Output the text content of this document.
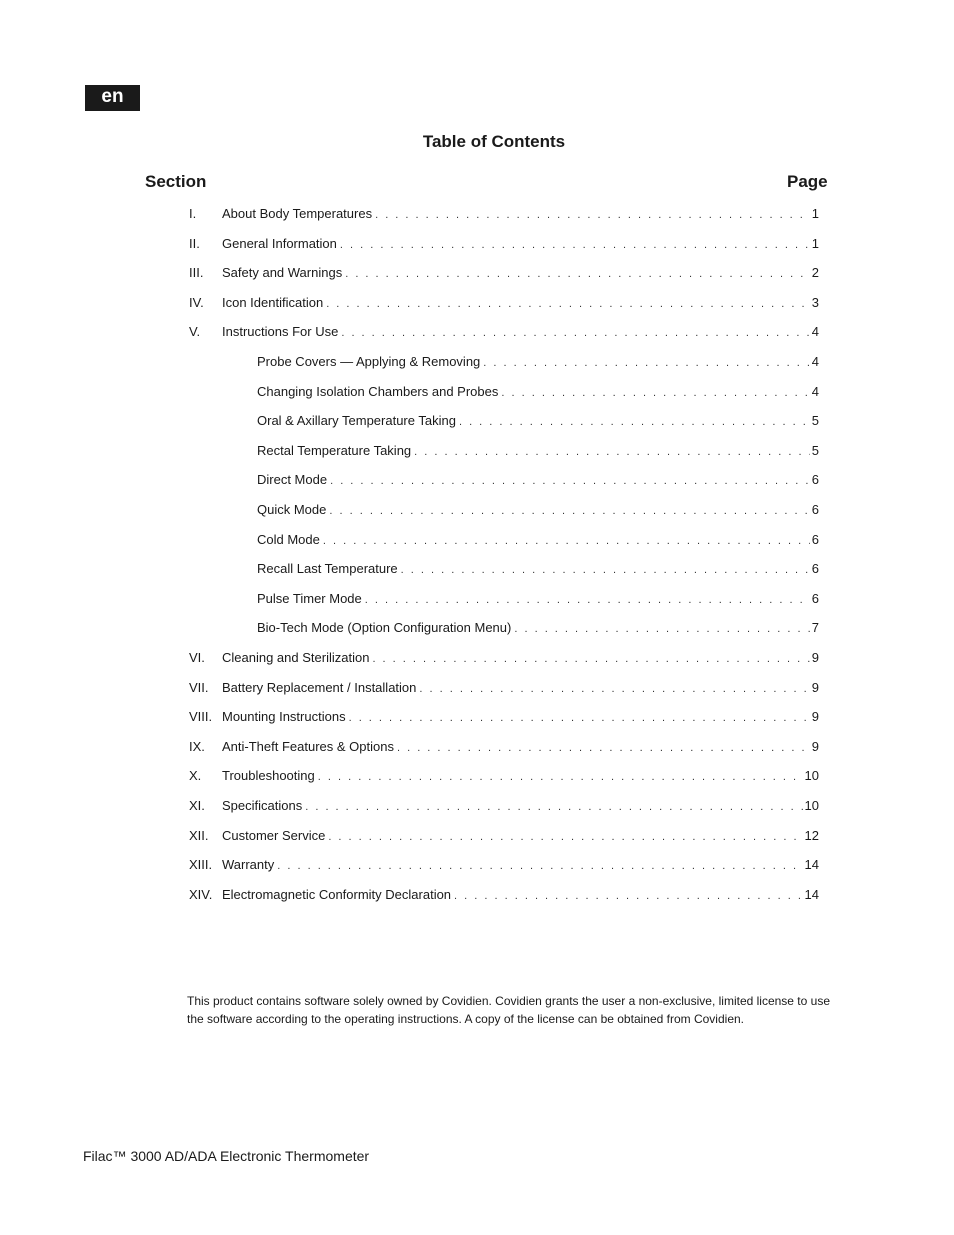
en
Table of Contents
Section	Page
I. About Body Temperatures . . .	1
II. General Information . . .	1
III. Safety and Warnings . . .	2
IV. Icon Identification . . .	3
V. Instructions For Use . . .	4
Probe Covers — Applying & Removing . . .	4
Changing Isolation Chambers and Probes . . .	4
Oral & Axillary Temperature Taking . . .	5
Rectal Temperature Taking . . .	5
Direct Mode . . .	6
Quick Mode . . .	6
Cold Mode . . .	6
Recall Last Temperature . . .	6
Pulse Timer Mode . . .	6
Bio-Tech Mode (Option Configuration Menu) . . .	7
VI. Cleaning and Sterilization . . .	9
VII. Battery Replacement / Installation . . .	9
VIII. Mounting Instructions . . .	9
IX. Anti-Theft Features & Options . . .	9
X. Troubleshooting . . .	10
XI. Specifications . . .	10
XII. Customer Service . . .	12
XIII. Warranty . . .	14
XIV. Electromagnetic Conformity Declaration . . .	14
This product contains software solely owned by Covidien. Covidien grants the user a non-exclusive, limited license to use the software according to the operating instructions. A copy of the license can be obtained from Covidien.
Filac™ 3000 AD/ADA Electronic Thermometer
